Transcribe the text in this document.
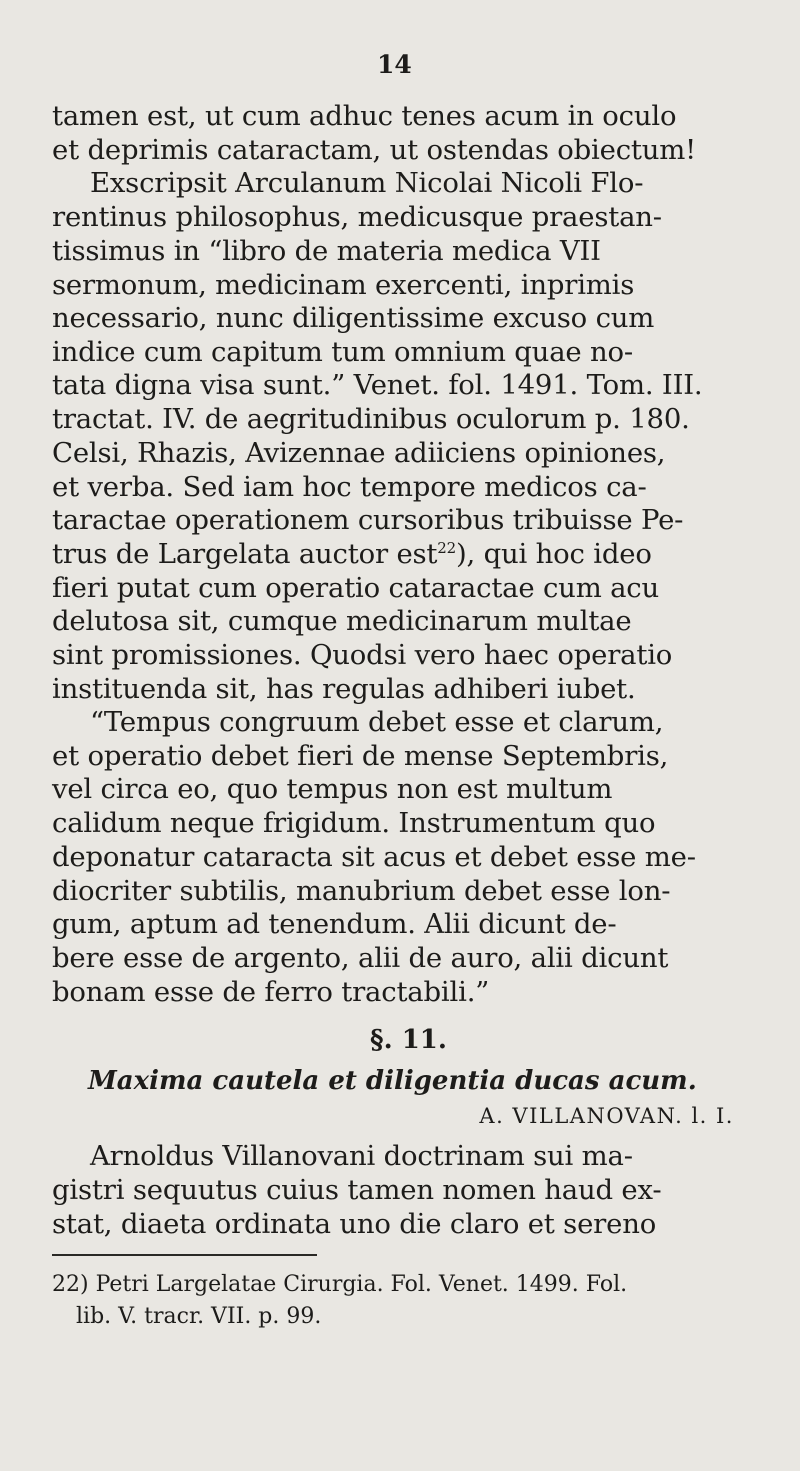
14
tamen est, ut cum adhuc tenes acum in oculo
et deprimis cataractam, ut ostendas obiectum!
Exscripsit Arculanum Nicolai Nicoli Flo-
rentinus philosophus, medicusque praestan-
tissimus in “libro de materia medica VII
sermonum, medicinam exercenti, inprimis
necessario, nunc diligentissime excuso cum
indice cum capitum tum omnium quae no-
tata digna visa sunt.” Venet. fol. 1491. Tom. III.
tractat. IV. de aegritudinibus oculorum p. 180.
Celsi, Rhazis, Avizennae adiiciens opiniones,
et verba. Sed iam hoc tempore medicos ca-
taractae operationem cursoribus tribuisse Pe-
trus de Largelata auctor est$^{22}$), qui hoc ideo
fieri putat cum operatio cataractae cum acu
delutosa sit, cumque medicinarum multae
sint promissiones. Quodsi vero haec operatio
instituenda sit, has regulas adhiberi iubet.
“Tempus congruum debet esse et clarum,
et operatio debet fieri de mense Septembris,
vel circa eo, quo tempus non est multum
calidum neque frigidum. Instrumentum quo
deponatur cataracta sit acus et debet esse me-
diocriter subtilis, manubrium debet esse lon-
gum, aptum ad tenendum. Alii dicunt de-
bere esse de argento, alii de auro, alii dicunt
bonam esse de ferro tractabili.”
§. 11.
Maxima cautela et diligentia ducas acum.
A. VILLANOVAN. l. I.
Arnoldus Villanovani doctrinam sui ma-
gistri sequutus cuius tamen nomen haud ex-
stat, diaeta ordinata uno die claro et sereno
22) Petri Largelatae Cirurgia. Fol. Venet. 1499. Fol.
lib. V. tracr. VII. p. 99.
